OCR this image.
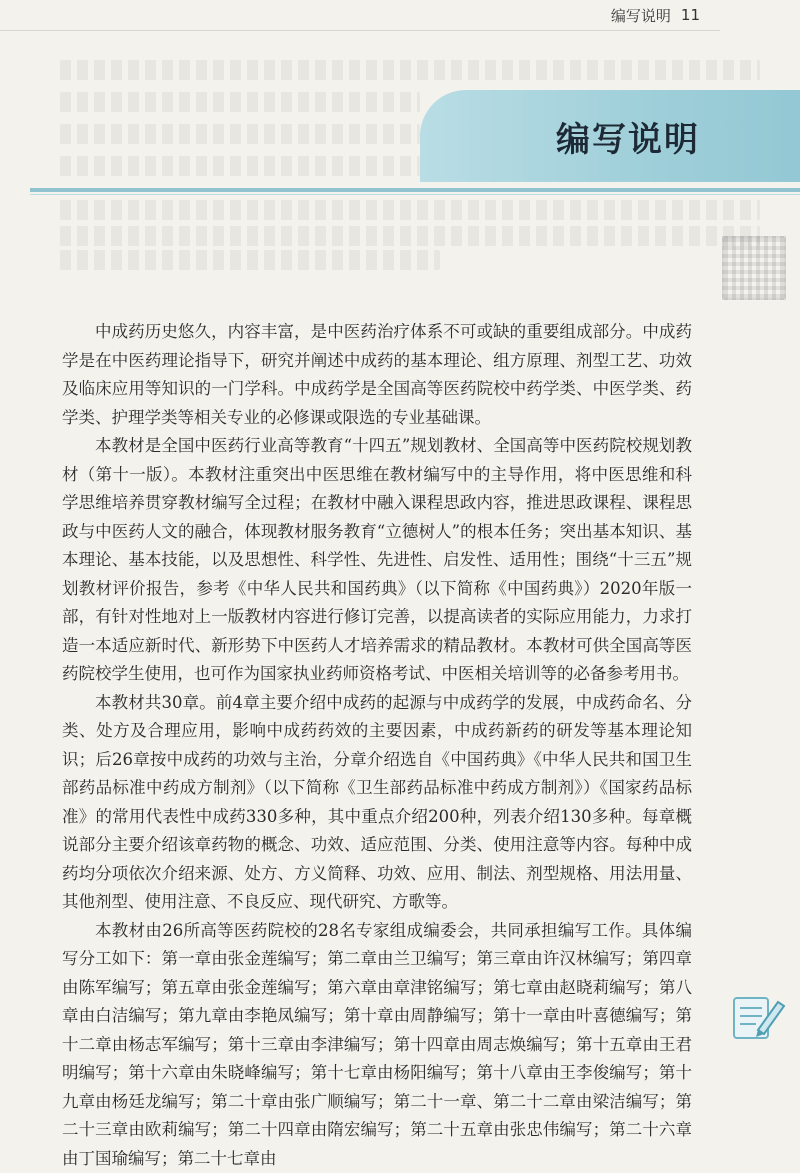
编写说明 11
编写说明

中成药历史悠久，内容丰富，是中医药治疗体系不可或缺的重要组成部分。中成药学是在中医药理论指导下，研究并阐述中成药的基本理论、组方原理、剂型工艺、功效及临床应用等知识的一门学科。中成药学是全国高等医药院校中药学类、中医学类、药学类、护理学类等相关专业的必修课或限选的专业基础课。

本教材是全国中医药行业高等教育“十四五”规划教材、全国高等中医药院校规划教材（第十一版）。本教材注重突出中医思维在教材编写中的主导作用，将中医思维和科学思维培养贯穿教材编写全过程；在教材中融入课程思政内容，推进思政课程、课程思政与中医药人文的融合，体现教材服务教育“立德树人”的根本任务；突出基本知识、基本理论、基本技能，以及思想性、科学性、先进性、启发性、适用性；围绕“十三五”规划教材评价报告，参考《中华人民共和国药典》（以下简称《中国药典》）2020年版一部，有针对性地对上一版教材内容进行修订完善，以提高读者的实际应用能力，力求打造一本适应新时代、新形势下中医药人才培养需求的精品教材。本教材可供全国高等医药院校学生使用，也可作为国家执业药师资格考试、中医相关培训等的必备参考用书。

本教材共30章。前4章主要介绍中成药的起源与中成药学的发展，中成药命名、分类、处方及合理应用，影响中成药药效的主要因素，中成药新药的研发等基本理论知识；后26章按中成药的功效与主治，分章介绍选自《中国药典》《中华人民共和国卫生部药品标准中药成方制剂》（以下简称《卫生部药品标准中药成方制剂》）《国家药品标准》的常用代表性中成药330多种，其中重点介绍200种，列表介绍130多种。每章概说部分主要介绍该章药物的概念、功效、适应范围、分类、使用注意等内容。每种中成药均分项依次介绍来源、处方、方义简释、功效、应用、制法、剂型规格、用法用量、其他剂型、使用注意、不良反应、现代研究、方歌等。

本教材由26所高等医药院校的28名专家组成编委会，共同承担编写工作。具体编写分工如下：第一章由张金莲编写；第二章由兰卫编写；第三章由许汉林编写；第四章由陈军编写；第五章由张金莲编写；第六章由章津铭编写；第七章由赵晓莉编写；第八章由白洁编写；第九章由李艳凤编写；第十章由周静编写；第十一章由叶喜德编写；第十二章由杨志军编写；第十三章由李津编写；第十四章由周志焕编写；第十五章由王君明编写；第十六章由朱晓峰编写；第十七章由杨阳编写；第十八章由王李俊编写；第十九章由杨廷龙编写；第二十章由张广顺编写；第二十一章、第二十二章由梁洁编写；第二十三章由欧莉编写；第二十四章由隋宏编写；第二十五章由张忠伟编写；第二十六章由丁国瑜编写；第二十七章由
